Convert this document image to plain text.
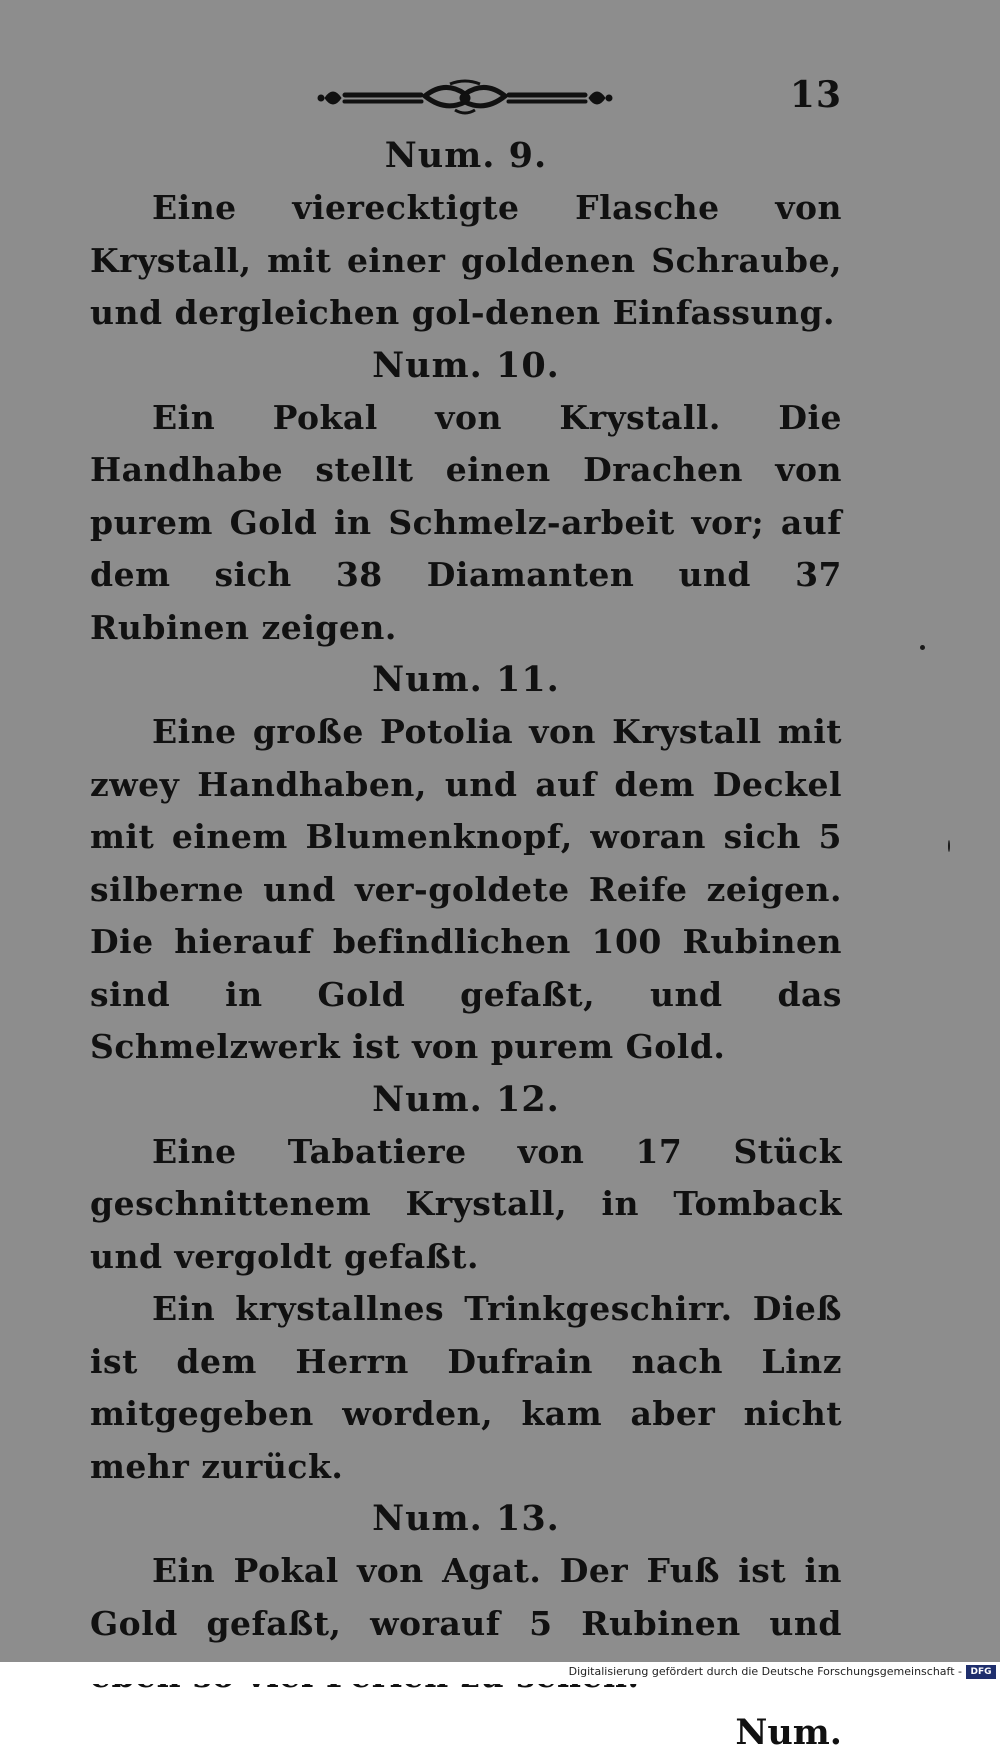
13
Num. 9.

Eine vierecktigte Flasche von Krystall, mit einer goldenen Schraube, und dergleichen gol-denen Einfassung.

Num. 10.

Ein Pokal von Krystall. Die Handhabe stellt einen Drachen von purem Gold in Schmelz-arbeit vor; auf dem sich 38 Diamanten und 37 Rubinen zeigen.

Num. 11.

Eine große Potolia von Krystall mit zwey Handhaben, und auf dem Deckel mit einem Blumenknopf, woran sich 5 silberne und ver-goldete Reife zeigen. Die hierauf befindlichen 100 Rubinen sind in Gold gefaßt, und das Schmelzwerk ist von purem Gold.

Num. 12.

Eine Tabatiere von 17 Stück geschnittenem Krystall, in Tomback und vergoldt gefaßt.

Ein krystallnes Trinkgeschirr. Dieß ist dem Herrn Dufrain nach Linz mitgegeben worden, kam aber nicht mehr zurück.

Num. 13.

Ein Pokal von Agat. Der Fuß ist in Gold gefaßt, worauf 5 Rubinen und

Num.
Digitalisierung gefördert durch die Deutsche Forschungsgemeinschaft - DFG
